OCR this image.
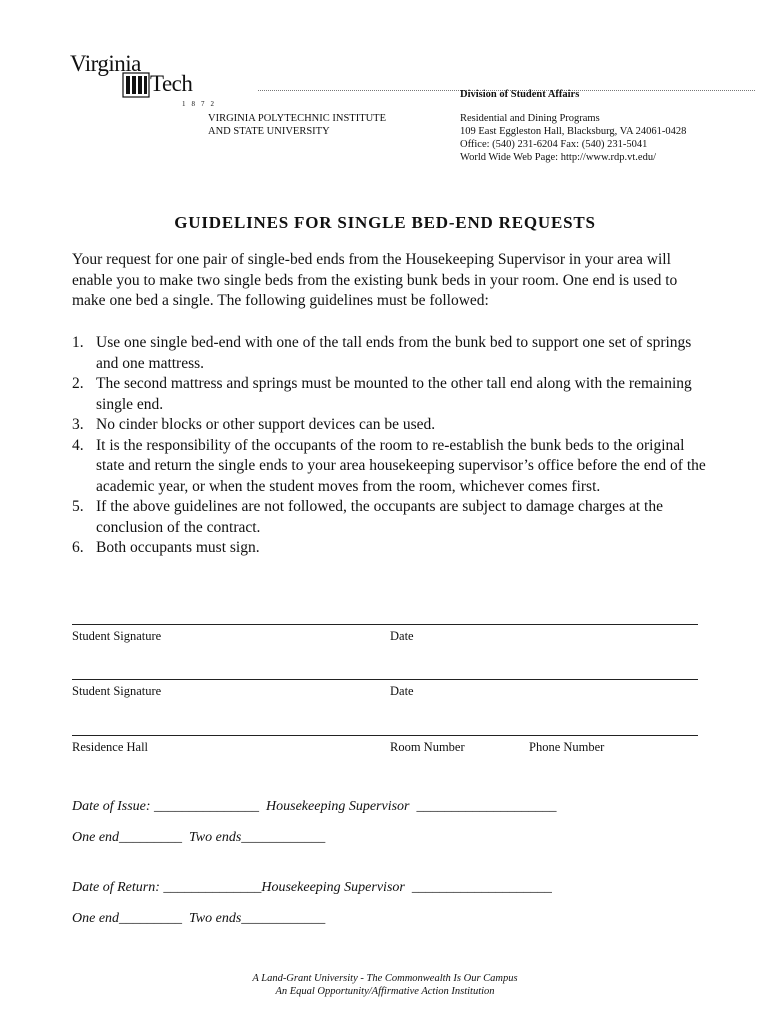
Virginia
Tech
1872
Division of Student Affairs
VIRGINIA POLYTECHNIC INSTITUTE
AND STATE UNIVERSITY
Residential and Dining Programs
109 East Eggleston Hall, Blacksburg, VA 24061-0428
Office: (540) 231-6204 Fax: (540) 231-5041
World Wide Web Page: http://www.rdp.vt.edu/
GUIDELINES FOR SINGLE BED-END REQUESTS
Your request for one pair of single-bed ends from the Housekeeping Supervisor in your area will enable you to make two single beds from the existing bunk beds in your room. One end is used to make one bed a single. The following guidelines must be followed:
1. Use one single bed-end with one of the tall ends from the bunk bed to support one set of springs and one mattress.
2. The second mattress and springs must be mounted to the other tall end along with the remaining single end.
3. No cinder blocks or other support devices can be used.
4. It is the responsibility of the occupants of the room to re-establish the bunk beds to the original state and return the single ends to your area housekeeping supervisor’s office before the end of the academic year, or when the student moves from the room, whichever comes first.
5. If the above guidelines are not followed, the occupants are subject to damage charges at the conclusion of the contract.
6. Both occupants must sign.
Student Signature	Date
Student Signature	Date
Residence Hall	Room Number	Phone Number
Date of Issue: _______________  Housekeeping Supervisor  ____________________
One end_________  Two ends____________
Date of Return: ______________Housekeeping Supervisor  ____________________
One end_________  Two ends____________
A Land-Grant University - The Commonwealth Is Our Campus
An Equal Opportunity/Affirmative Action Institution
